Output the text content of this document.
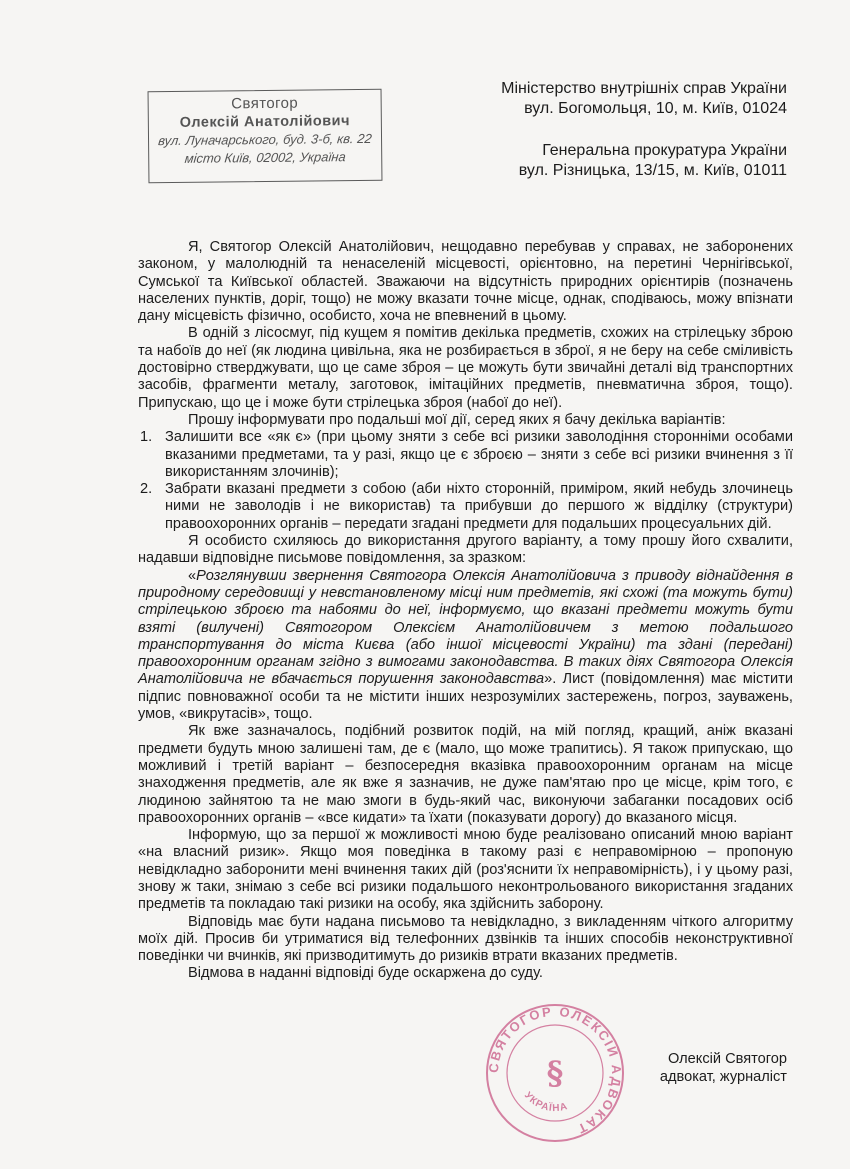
Святогор
Олексій Анатолійович
вул. Луначарського, буд. 3-б, кв. 22
місто Київ, 02002, Україна
Міністерство внутрішніх справ України
вул. Богомольця, 10, м. Київ, 01024
Генеральна прокуратура України
вул. Різницька, 13/15, м. Київ, 01011

Я, Святогор Олексій Анатолійович, нещодавно перебував у справах, не заборонених законом, у малолюдній та ненаселеній місцевості, орієнтовно, на перетині Чернігівської, Сумської та Київської областей. Зважаючи на відсутність природних орієнтирів (позначень населених пунктів, доріг, тощо) не можу вказати точне місце, однак, сподіваюсь, можу впізнати дану місцевість фізично, особисто, хоча не впевнений в цьому.

В одній з лісосмуг, під кущем я помітив декілька предметів, схожих на стрілецьку зброю та набоїв до неї (як людина цивільна, яка не розбирається в зброї, я не беру на себе сміливість достовірно стверджувати, що це саме зброя – це можуть бути звичайні деталі від транспортних засобів, фрагменти металу, заготовок, імітаційних предметів, пневматична зброя, тощо). Припускаю, що це і може бути стрілецька зброя (набої до неї).

Прошу інформувати про подальші мої дії, серед яких я бачу декілька варіантів:

1. Залишити все «як є» (при цьому зняти з себе всі ризики заволодіння сторонніми особами вказаними предметами, та у разі, якщо це є зброєю – зняти з себе всі ризики вчинення з її використанням злочинів);
2. Забрати вказані предмети з собою (аби ніхто сторонній, приміром, який небудь злочинець ними не заволодів і не використав) та прибувши до першого ж відділку (структури) правоохоронних органів – передати згадані предмети для подальших процесуальних дій.

Я особисто схиляюсь до використання другого варіанту, а тому прошу його схвалити, надавши відповідне письмове повідомлення, за зразком:

«Розглянувши звернення Святогора Олексія Анатолійовича з приводу віднайдення в природному середовищі у невстановленому місці ним предметів, які схожі (та можуть бути) стрілецькою зброєю та набоями до неї, інформуємо, що вказані предмети можуть бути взяті (вилучені) Святогором Олексієм Анатолійовичем з метою подальшого транспортування до міста Києва (або іншої місцевості України) та здані (передані) правоохоронним органам згідно з вимогами законодавства. В таких діях Святогора Олексія Анатолійовича не вбачається порушення законодавства». Лист (повідомлення) має містити підпис повноважної особи та не містити інших незрозумілих застережень, погроз, зауважень, умов, «викрутасів», тощо.

Як вже зазначалось, подібний розвиток подій, на мій погляд, кращий, аніж вказані предмети будуть мною залишені там, де є (мало, що може трапитись). Я також припускаю, що можливий і третій варіант – безпосередня вказівка правоохоронним органам на місце знаходження предметів, але як вже я зазначив, не дуже пам'ятаю про це місце, крім того, є людиною зайнятою та не маю змоги в будь-який час, виконуючи забаганки посадових осіб правоохоронних органів – «все кидати» та їхати (показувати дорогу) до вказаного місця.

Інформую, що за першої ж можливості мною буде реалізовано описаний мною варіант «на власний ризик». Якщо моя поведінка в такому разі є неправомірною – пропоную невідкладно заборонити мені вчинення таких дій (роз'яснити їх неправомірність), і у цьому разі, знову ж таки, знімаю з себе всі ризики подальшого неконтрольованого використання згаданих предметів та покладаю такі ризики на особу, яка здійснить заборону.

Відповідь має бути надана письмово та невідкладно, з викладенням чіткого алгоритму моїх дій. Просив би утриматися від телефонних дзвінків та інших способів неконструктивної поведінки чи вчинків, які призводитимуть до ризиків втрати вказаних предметів.

Відмова в наданні відповіді буде оскаржена до суду.

СВЯТОГОР ОЛЕКСІЙ АДВОКАТ
УКРАЇНА
§	Олексій Святогор
адвокат, журналіст
